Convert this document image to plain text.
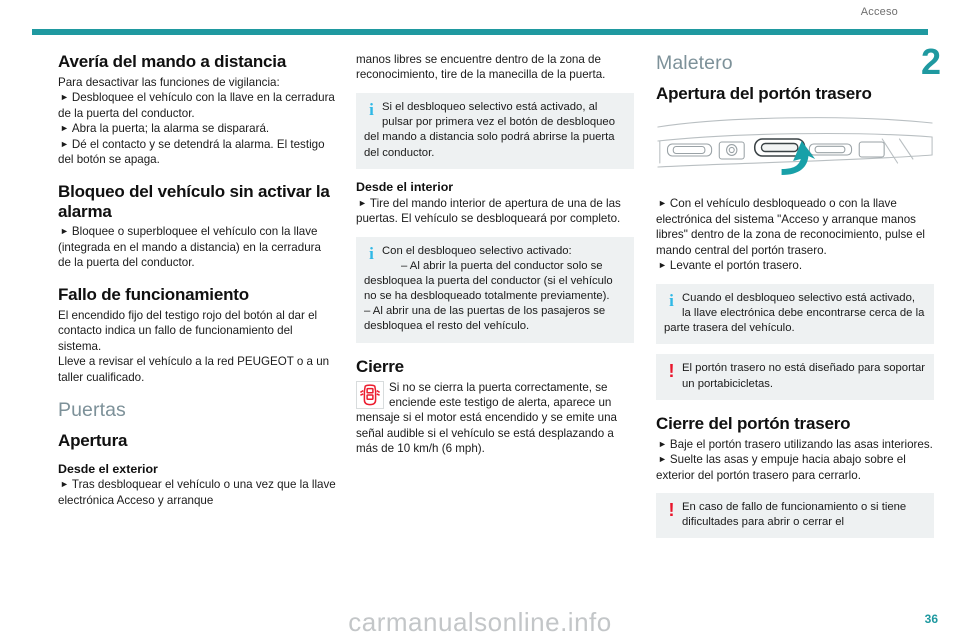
Acceso
2
Avería del mando a distancia

Para desactivar las funciones de vigilancia:

► Desbloquee el vehículo con la llave en la cerradura de la puerta del conductor.

► Abra la puerta; la alarma se disparará.

► Dé el contacto y se detendrá la alarma. El testigo del botón se apaga.

Bloqueo del vehículo sin activar la alarma

► Bloquee o superbloquee el vehículo con la llave (integrada en el mando a distancia) en la cerradura de la puerta del conductor.

Fallo de funcionamiento

El encendido fijo del testigo rojo del botón al dar el contacto indica un fallo de funcionamiento del sistema.

Lleve a revisar el vehículo a la red PEUGEOT o a un taller cualificado.

Puertas
Apertura
Desde el exterior

► Tras desbloquear el vehículo o una vez que la llave electrónica Acceso y arranque

manos libres se encuentre dentro de la zona de reconocimiento, tire de la manecilla de la puerta.

i Si el desbloqueo selectivo está activado, al pulsar por primera vez el botón de desbloqueo del mando a distancia solo podrá abrirse la puerta del conductor.

Desde el interior

► Tire del mando interior de apertura de una de las puertas. El vehículo se desbloqueará por completo.

i Con el desbloqueo selectivo activado:

– Al abrir la puerta del conductor solo se desbloquea la puerta del conductor (si el vehículo no se ha desbloqueado totalmente previamente).

– Al abrir una de las puertas de los pasajeros se desbloquea el resto del vehículo.

Cierre

Si no se cierra la puerta correctamente, se enciende este testigo de alerta, aparece un mensaje si el motor está encendido y se emite una señal audible si el vehículo se está desplazando a más de 10 km/h (6 mph).

Maletero
Apertura del portón trasero

► Con el vehículo desbloqueado o con la llave electrónica del sistema "Acceso y arranque manos libres" dentro de la zona de reconocimiento, pulse el mando central del portón trasero.

► Levante el portón trasero.

i Cuando el desbloqueo selectivo está activado, la llave electrónica debe encontrarse cerca de la parte trasera del vehículo.

! El portón trasero no está diseñado para soportar un portabicicletas.

Cierre del portón trasero

► Baje el portón trasero utilizando las asas interiores.

► Suelte las asas y empuje hacia abajo sobre el exterior del portón trasero para cerrarlo.

! En caso de fallo de funcionamiento o si tiene dificultades para abrir o cerrar el

carmanualsonline.info	36
